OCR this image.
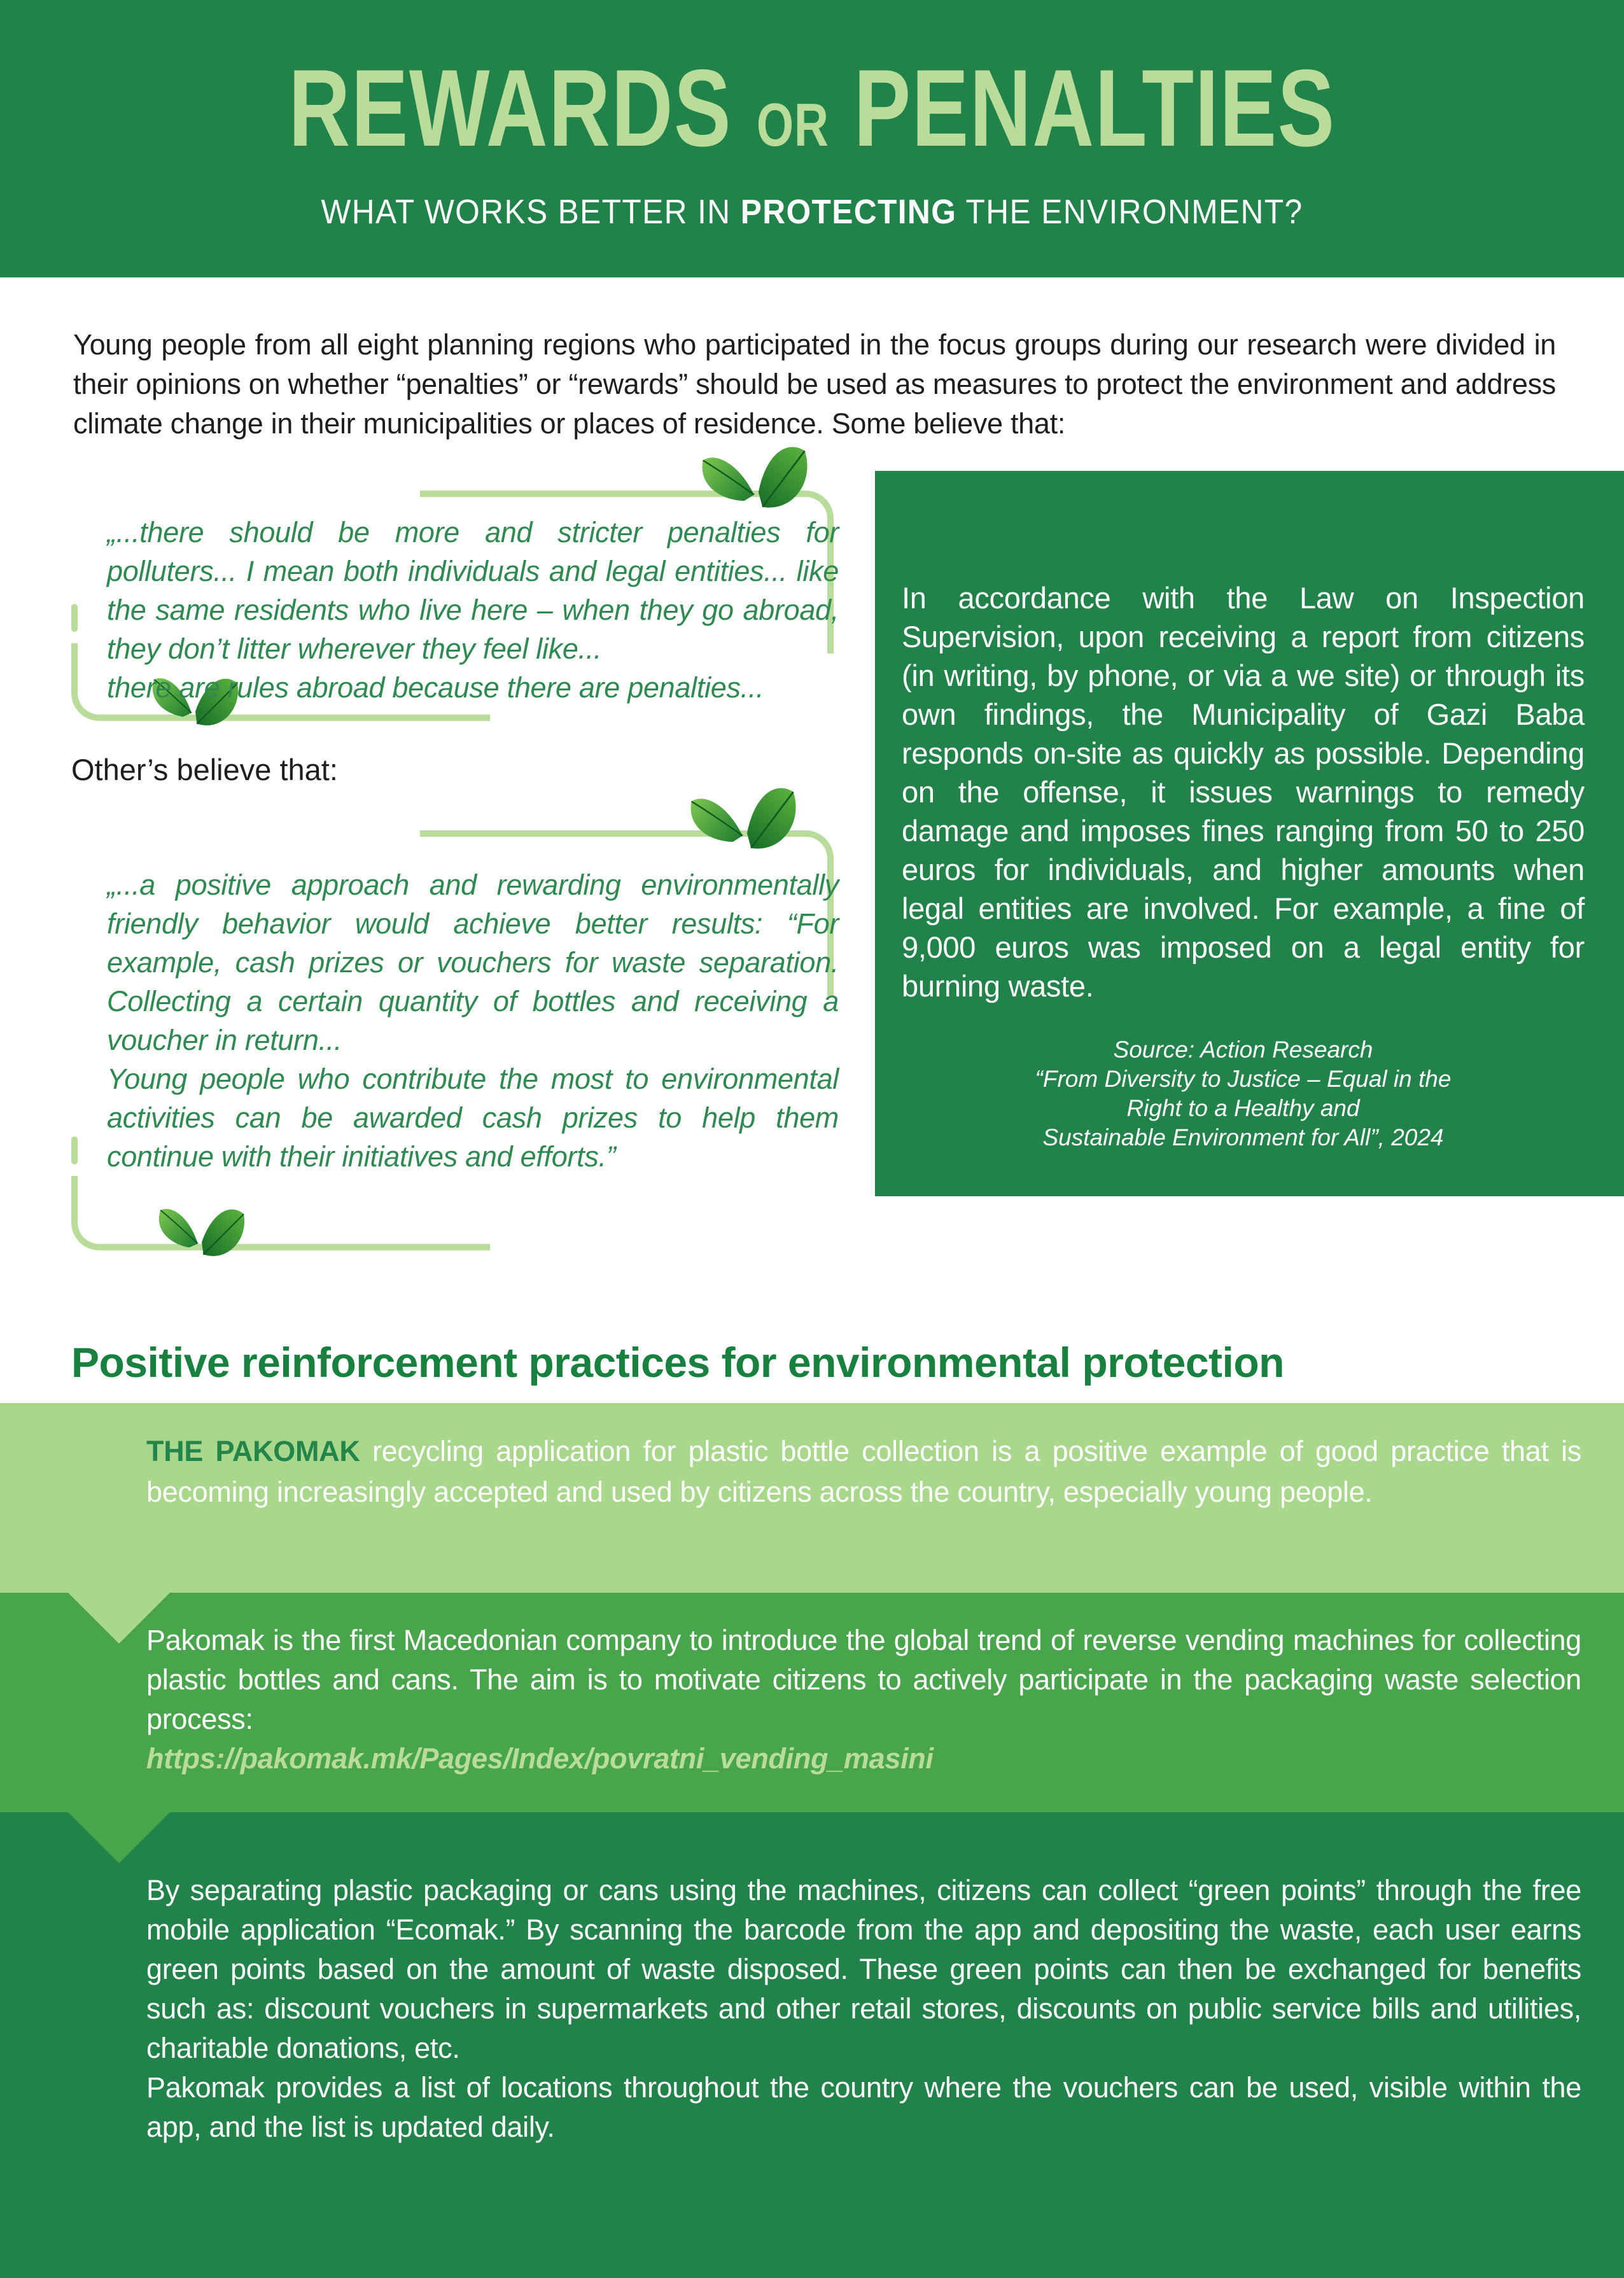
REWARDS OR PENALTIES
WHAT WORKS BETTER IN PROTECTING THE ENVIRONMENT?

Young people from all eight planning regions who participated in the focus groups during our research were divided in their opinions on whether “penalties” or “rewards” should be used as measures to protect the environment and address climate change in their municipalities or places of residence. Some believe that:

„...there should be more and stricter penalties for polluters... I mean both individuals and legal entities... like the same residents who live here – when they go abroad, they don’t litter wherever they feel like...

there are rules abroad because there are penalties...

Other’s believe that:

„...a positive approach and rewarding environmentally friendly behavior would achieve better results: “For example, cash prizes or vouchers for waste separation. Collecting a certain quantity of bottles and receiving a voucher in return...

Young people who contribute the most to environmental activities can be awarded cash prizes to help them continue with their initiatives and efforts.”

In accordance with the Law on Inspection Supervision, upon receiving a report from citizens (in writing, by phone, or via a we site) or through its own findings, the Municipality of Gazi Baba responds on-site as quickly as possible. Depending on the offense, it issues warnings to remedy damage and imposes fines ranging from 50 to 250 euros for individuals, and higher amounts when legal entities are involved. For example, a fine of 9,000 euros was imposed on a legal entity for burning waste.

Source: Action Research
“From Diversity to Justice – Equal in the
Right to a Healthy and
Sustainable Environment for All”, 2024
Positive reinforcement practices for environmental protection

THE PAKOMAK recycling application for plastic bottle collection is a positive example of good practice that is becoming increasingly accepted and used by citizens across the country, especially young people.

Pakomak is the first Macedonian company to introduce the global trend of reverse vending machines for collecting plastic bottles and cans. The aim is to motivate citizens to actively participate in the packaging waste selection process:

https://pakomak.mk/Pages/Index/povratni_vending_masini

By separating plastic packaging or cans using the machines, citizens can collect “green points” through the free mobile application “Ecomak.” By scanning the barcode from the app and depositing the waste, each user earns green points based on the amount of waste disposed. These green points can then be exchanged for benefits such as: discount vouchers in supermarkets and other retail stores, discounts on public service bills and utilities, charitable donations, etc.

Pakomak provides a list of locations throughout the country where the vouchers can be used, visible within the app, and the list is updated daily.
